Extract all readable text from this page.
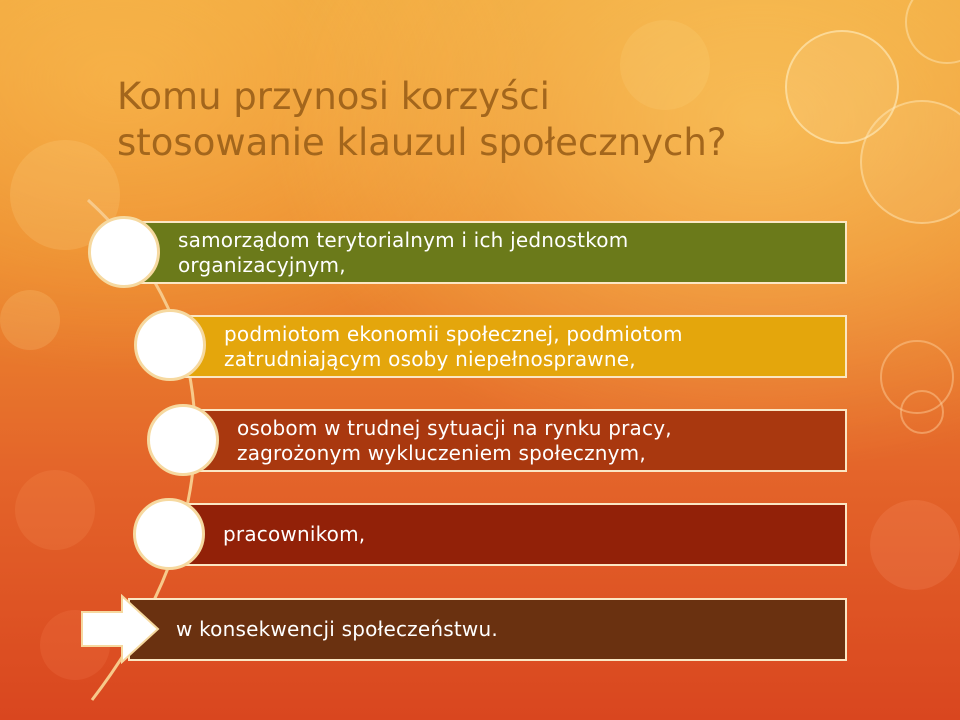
Komu przynosi korzyści
stosowanie klauzul społecznych?
samorządom terytorialnym i ich jednostkom
organizacyjnym,
podmiotom ekonomii społecznej, podmiotom
zatrudniającym osoby niepełnosprawne,
osobom w trudnej sytuacji na rynku pracy,
zagrożonym wykluczeniem społecznym,
pracownikom,
w konsekwencji społeczeństwu.
